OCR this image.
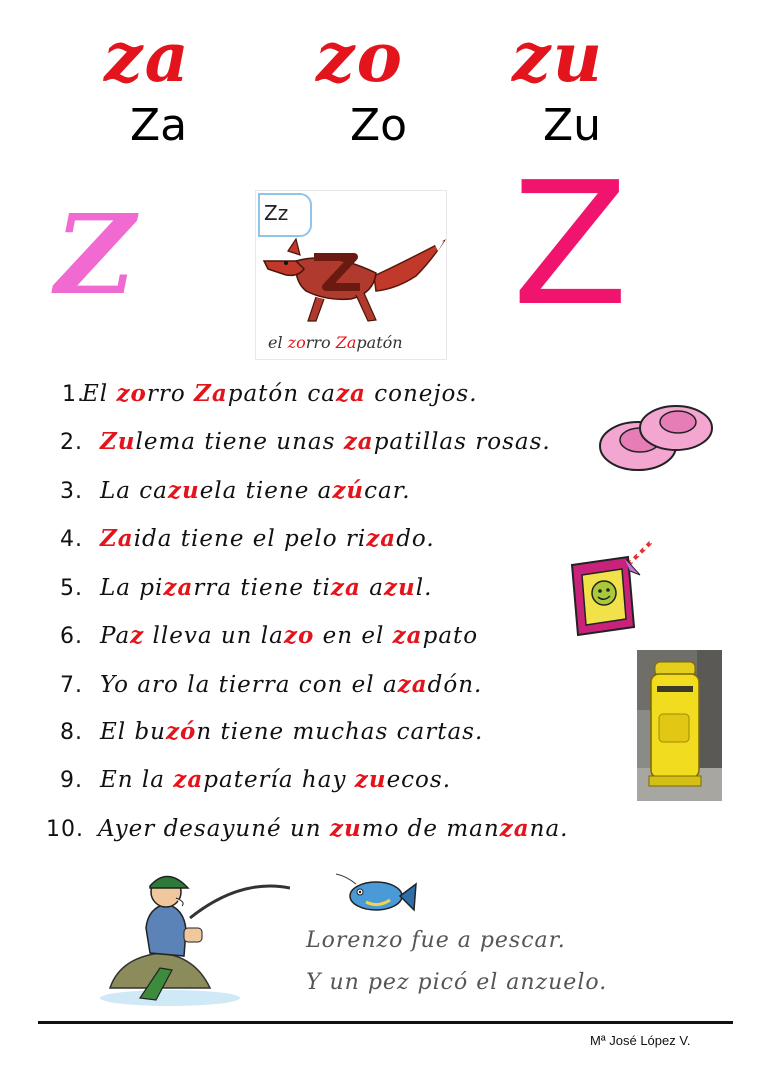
za zo zu
Za	Zo	Zu
Z	Zz
el zorro Zapatón Z
1.El zorro Zapatón caza conejos.
2. Zulema tiene unas zapatillas rosas.
3. La cazuela tiene azúcar.
4. Zaida tiene el pelo rizado.
5. La pizarra tiene tiza azul.
6. Paz lleva un lazo en el zapato
7. Yo aro la tierra con el azadón.
8. El buzón tiene muchas cartas.
9. En la zapatería hay zuecos.
10. Ayer desayuné un zumo de manzana.
Lorenzo fue a pescar.
Y un pez picó el anzuelo.
Mª José López V.
